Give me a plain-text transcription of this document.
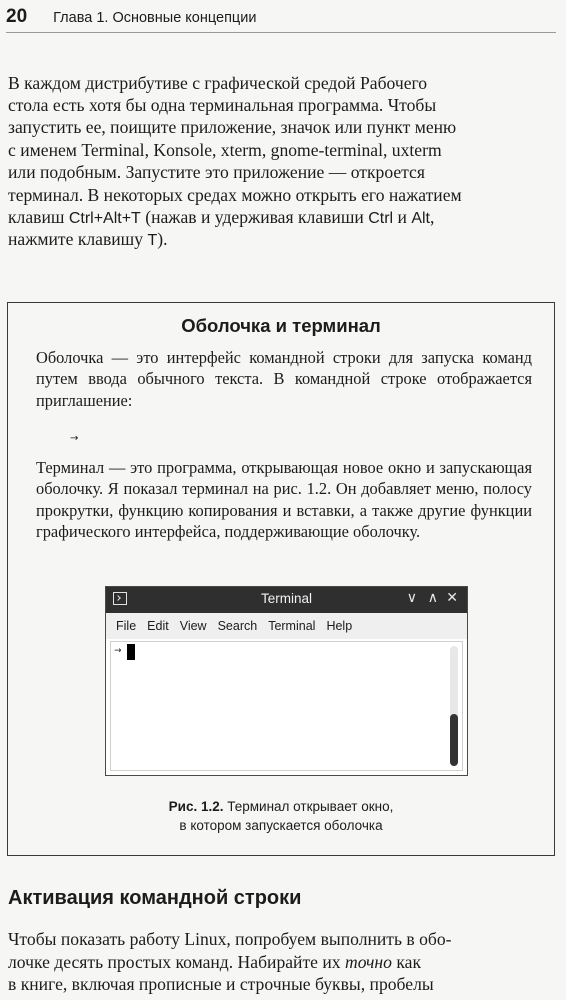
20 Глава 1. Основные концепции

В каждом дистрибутиве с графической средой Рабочего

стола есть хотя бы одна терминальная программа. Чтобы

запустить ее, поищите приложение, значок или пункт меню

с именем Terminal, Konsole, xterm, gnome-terminal, uxterm

или подобным. Запустите это приложение — откроется

терминал. В некоторых средах можно открыть его нажатием

клавиш Ctrl+Alt+T (нажав и удерживая клавиши Ctrl и Alt,

нажмите клавишу T).

Оболочка и терминал

Оболочка — это интерфейс командной строки для запуска команд путем ввода обычного текста. В командной строке отображается приглашение:

→

Терминал — это программа, открывающая новое окно и запускающая оболочку. Я показал терминал на рис. 1.2. Он добавляет меню, полосу прокрутки, функцию копирования и вставки, а также другие функции графического интерфейса, поддерживающие оболочку.

Terminal	∨ ∧ ✕
File Edit View Search Terminal Help
→
Рис. 1.2. Терминал открывает окно,
в котором запускается оболочка
Активация командной строки

Чтобы показать работу Linux, попробуем выполнить в обо-

лочке десять простых команд. Набирайте их точно как

в книге, включая прописные и строчные буквы, пробелы
